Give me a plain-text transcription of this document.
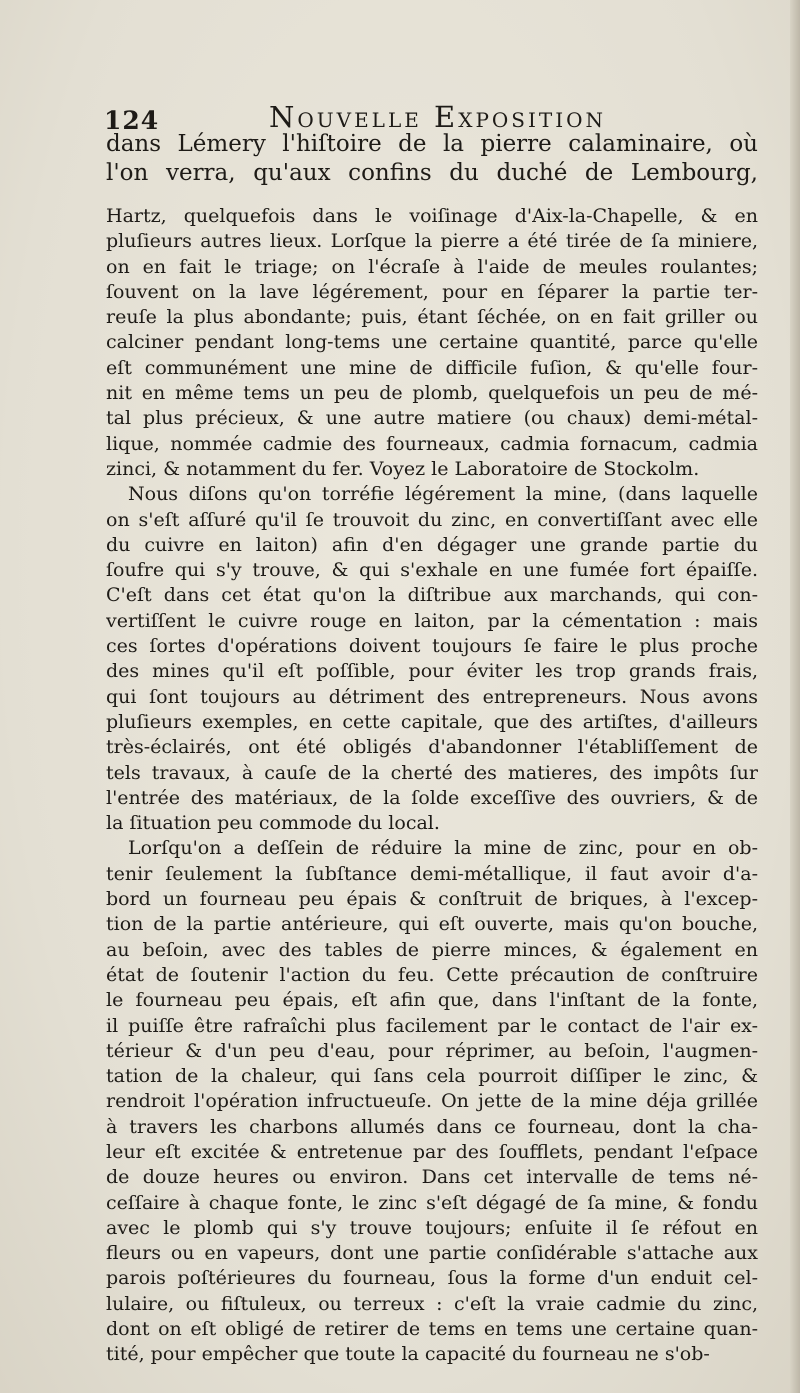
124	Nouvelle Exposition
dans Lémery l'hiſtoire de la pierre calaminaire, où
l'on verra, qu'aux confins du duché de Lembourg,
Hartz, quelquefois dans le voiſinage d'Aix-la-Chapelle, & en
pluſieurs autres lieux. Lorſque la pierre a été tirée de ſa miniere,
on en fait le triage; on l'écraſe à l'aide de meules roulantes;
ſouvent on la lave légérement, pour en ſéparer la partie ter-
reuſe la plus abondante; puis, étant ſéchée, on en fait griller ou
calciner pendant long-tems une certaine quantité, parce qu'elle
eſt communément une mine de difficile fuſion, & qu'elle four-
nit en même tems un peu de plomb, quelquefois un peu de mé-
tal plus précieux, & une autre matiere (ou chaux) demi-métal-
lique, nommée cadmie des fourneaux, cadmia fornacum, cadmia
zinci, & notamment du fer. Voyez le Laboratoire de Stockolm.
Nous diſons qu'on torréfie légérement la mine, (dans laquelle
on s'eſt aſſuré qu'il ſe trouvoit du zinc, en convertiſſant avec elle
du cuivre en laiton) afin d'en dégager une grande partie du
ſoufre qui s'y trouve, & qui s'exhale en une fumée fort épaiſſe.
C'eſt dans cet état qu'on la diſtribue aux marchands, qui con-
vertiſſent le cuivre rouge en laiton, par la cémentation : mais
ces ſortes d'opérations doivent toujours ſe faire le plus proche
des mines qu'il eſt poſſible, pour éviter les trop grands frais,
qui ſont toujours au détriment des entrepreneurs. Nous avons
pluſieurs exemples, en cette capitale, que des artiſtes, d'ailleurs
très-éclairés, ont été obligés d'abandonner l'établiſſement de
tels travaux, à cauſe de la cherté des matieres, des impôts ſur
l'entrée des matériaux, de la ſolde exceſſive des ouvriers, & de
la ſituation peu commode du local.
Lorſqu'on a deſſein de réduire la mine de zinc, pour en ob-
tenir ſeulement la ſubſtance demi-métallique, il faut avoir d'a-
bord un fourneau peu épais & conſtruit de briques, à l'excep-
tion de la partie antérieure, qui eſt ouverte, mais qu'on bouche,
au beſoin, avec des tables de pierre minces, & également en
état de ſoutenir l'action du feu. Cette précaution de conſtruire
le fourneau peu épais, eſt afin que, dans l'inſtant de la fonte,
il puiſſe être rafraîchi plus facilement par le contact de l'air ex-
térieur & d'un peu d'eau, pour réprimer, au beſoin, l'augmen-
tation de la chaleur, qui ſans cela pourroit diſſiper le zinc, &
rendroit l'opération infructueuſe. On jette de la mine déja grillée
à travers les charbons allumés dans ce fourneau, dont la cha-
leur eſt excitée & entretenue par des ſoufflets, pendant l'eſpace
de douze heures ou environ. Dans cet intervalle de tems né-
ceſſaire à chaque fonte, le zinc s'eſt dégagé de ſa mine, & fondu
avec le plomb qui s'y trouve toujours; enſuite il ſe réfout en
fleurs ou en vapeurs, dont une partie conſidérable s'attache aux
parois poſtérieures du fourneau, ſous la forme d'un enduit cel-
lulaire, ou fiſtuleux, ou terreux : c'eſt la vraie cadmie du zinc,
dont on eſt obligé de retirer de tems en tems une certaine quan-
tité, pour empêcher que toute la capacité du fourneau ne s'ob-
